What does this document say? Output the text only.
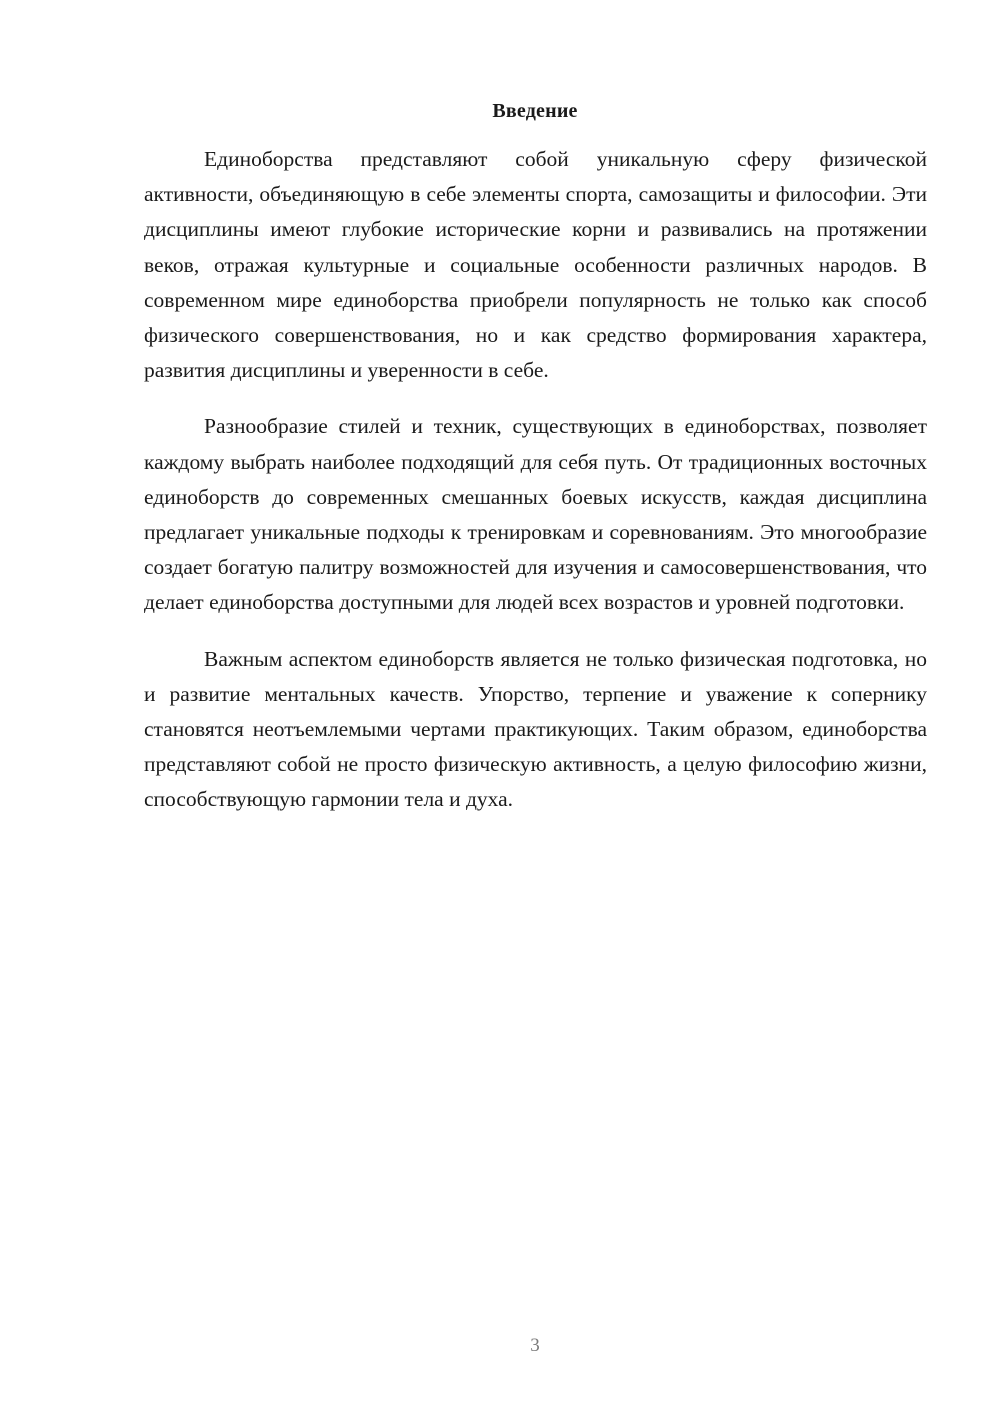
Введение

Единоборства представляют собой уникальную сферу физической активности, объединяющую в себе элементы спорта, самозащиты и философии. Эти дисциплины имеют глубокие исторические корни и развивались на протяжении веков, отражая культурные и социальные особенности различных народов. В современном мире единоборства приобрели популярность не только как способ физического совершенствования, но и как средство формирования характера, развития дисциплины и уверенности в себе.

Разнообразие стилей и техник, существующих в единоборствах, позволяет каждому выбрать наиболее подходящий для себя путь. От традиционных восточных единоборств до современных смешанных боевых искусств, каждая дисциплина предлагает уникальные подходы к тренировкам и соревнованиям. Это многообразие создает богатую палитру возможностей для изучения и самосовершенствования, что делает единоборства доступными для людей всех возрастов и уровней подготовки.

Важным аспектом единоборств является не только физическая подготовка, но и развитие ментальных качеств. Упорство, терпение и уважение к сопернику становятся неотъемлемыми чертами практикующих. Таким образом, единоборства представляют собой не просто физическую активность, а целую философию жизни, способствующую гармонии тела и духа.

3
